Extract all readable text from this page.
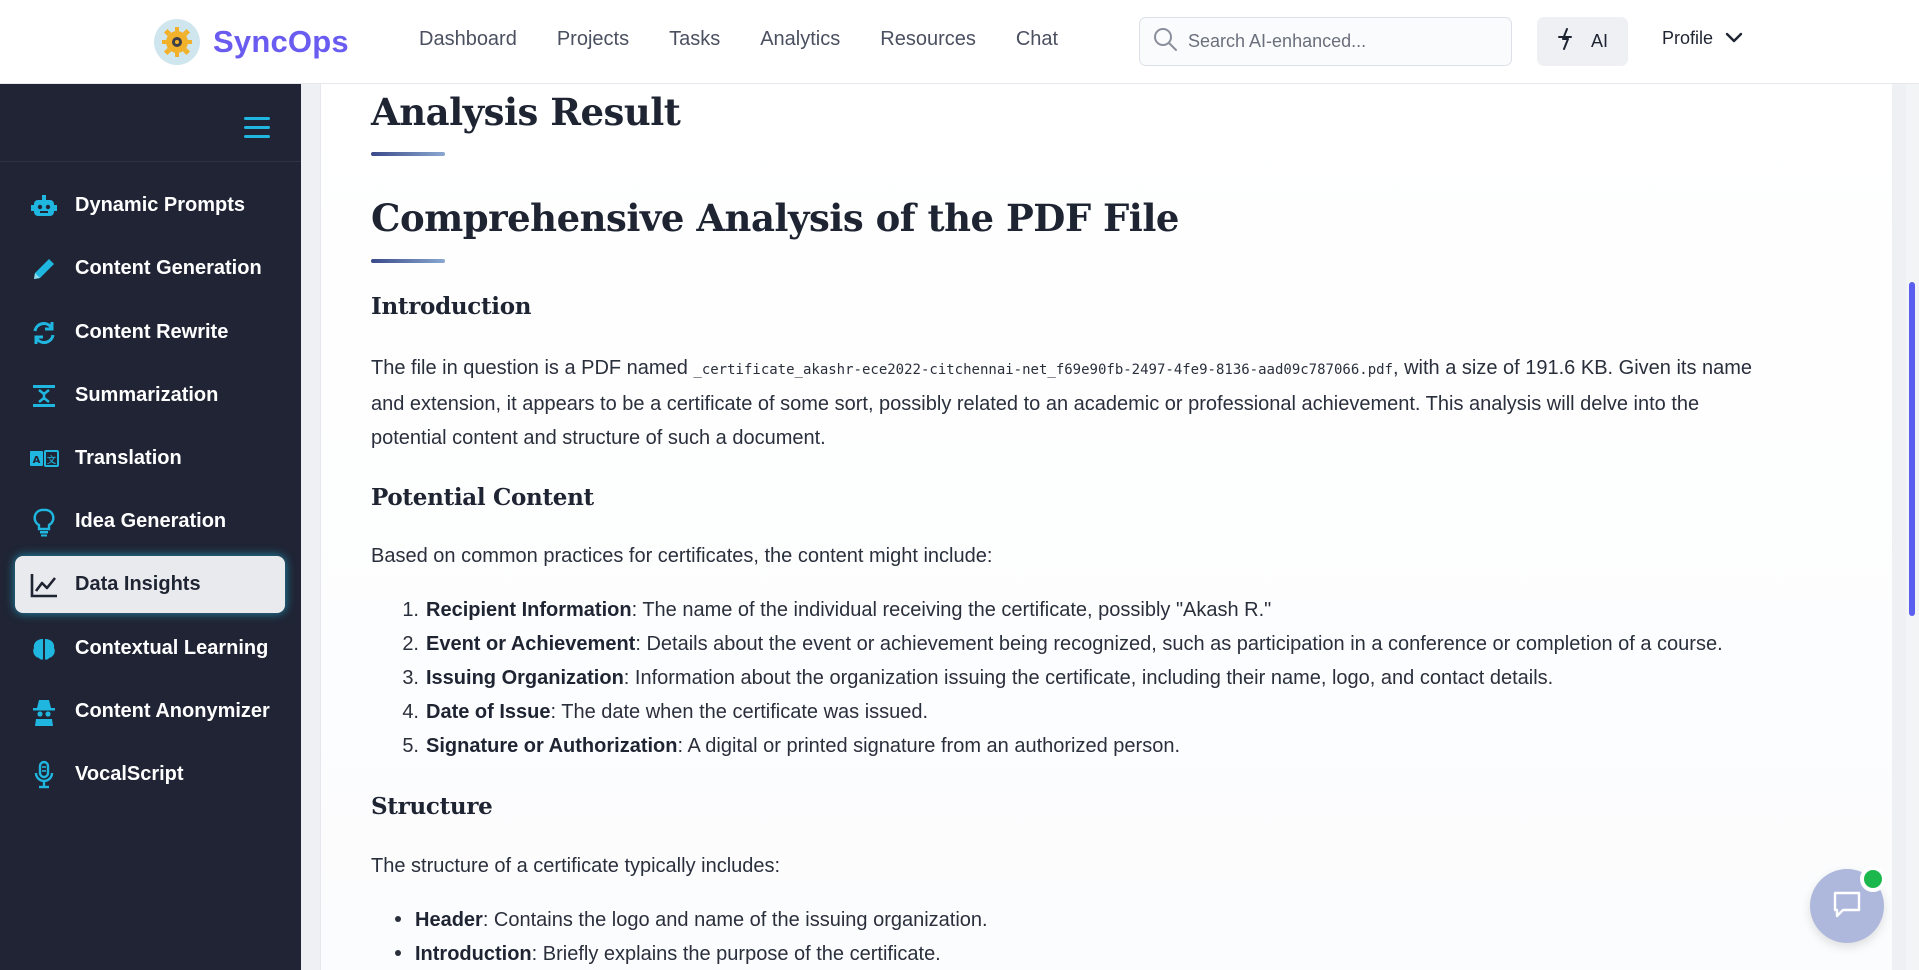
SyncOps	Dashboard Projects Tasks Analytics Resources Chat
Search AI-enhanced...	AI	Profile
Dynamic Prompts
Content Generation
Content Rewrite
Summarization
A 文 Translation
Idea Generation
Data Insights
Contextual Learning
Content Anonymizer
VocalScript
Analysis Result
Comprehensive Analysis of the PDF File
Introduction
The file in question is a PDF named _certificate_akashr-ece2022-citchennai-net_f69e90fb-2497-4fe9-8136-aad09c787066.pdf, with a size of 191.6 KB. Given its name
and extension, it appears to be a certificate of some sort, possibly related to an academic or professional achievement. This analysis will delve into the
potential content and structure of such a document.
Potential Content

Based on common practices for certificates, the content might include:

1. Recipient Information: The name of the individual receiving the certificate, possibly "Akash R."
2. Event or Achievement: Details about the event or achievement being recognized, such as participation in a conference or completion of a course.
3. Issuing Organization: Information about the organization issuing the certificate, including their name, logo, and contact details.
4. Date of Issue: The date when the certificate was issued.
5. Signature or Authorization: A digital or printed signature from an authorized person.
Structure

The structure of a certificate typically includes:

Header: Contains the logo and name of the issuing organization.
Introduction: Briefly explains the purpose of the certificate.
